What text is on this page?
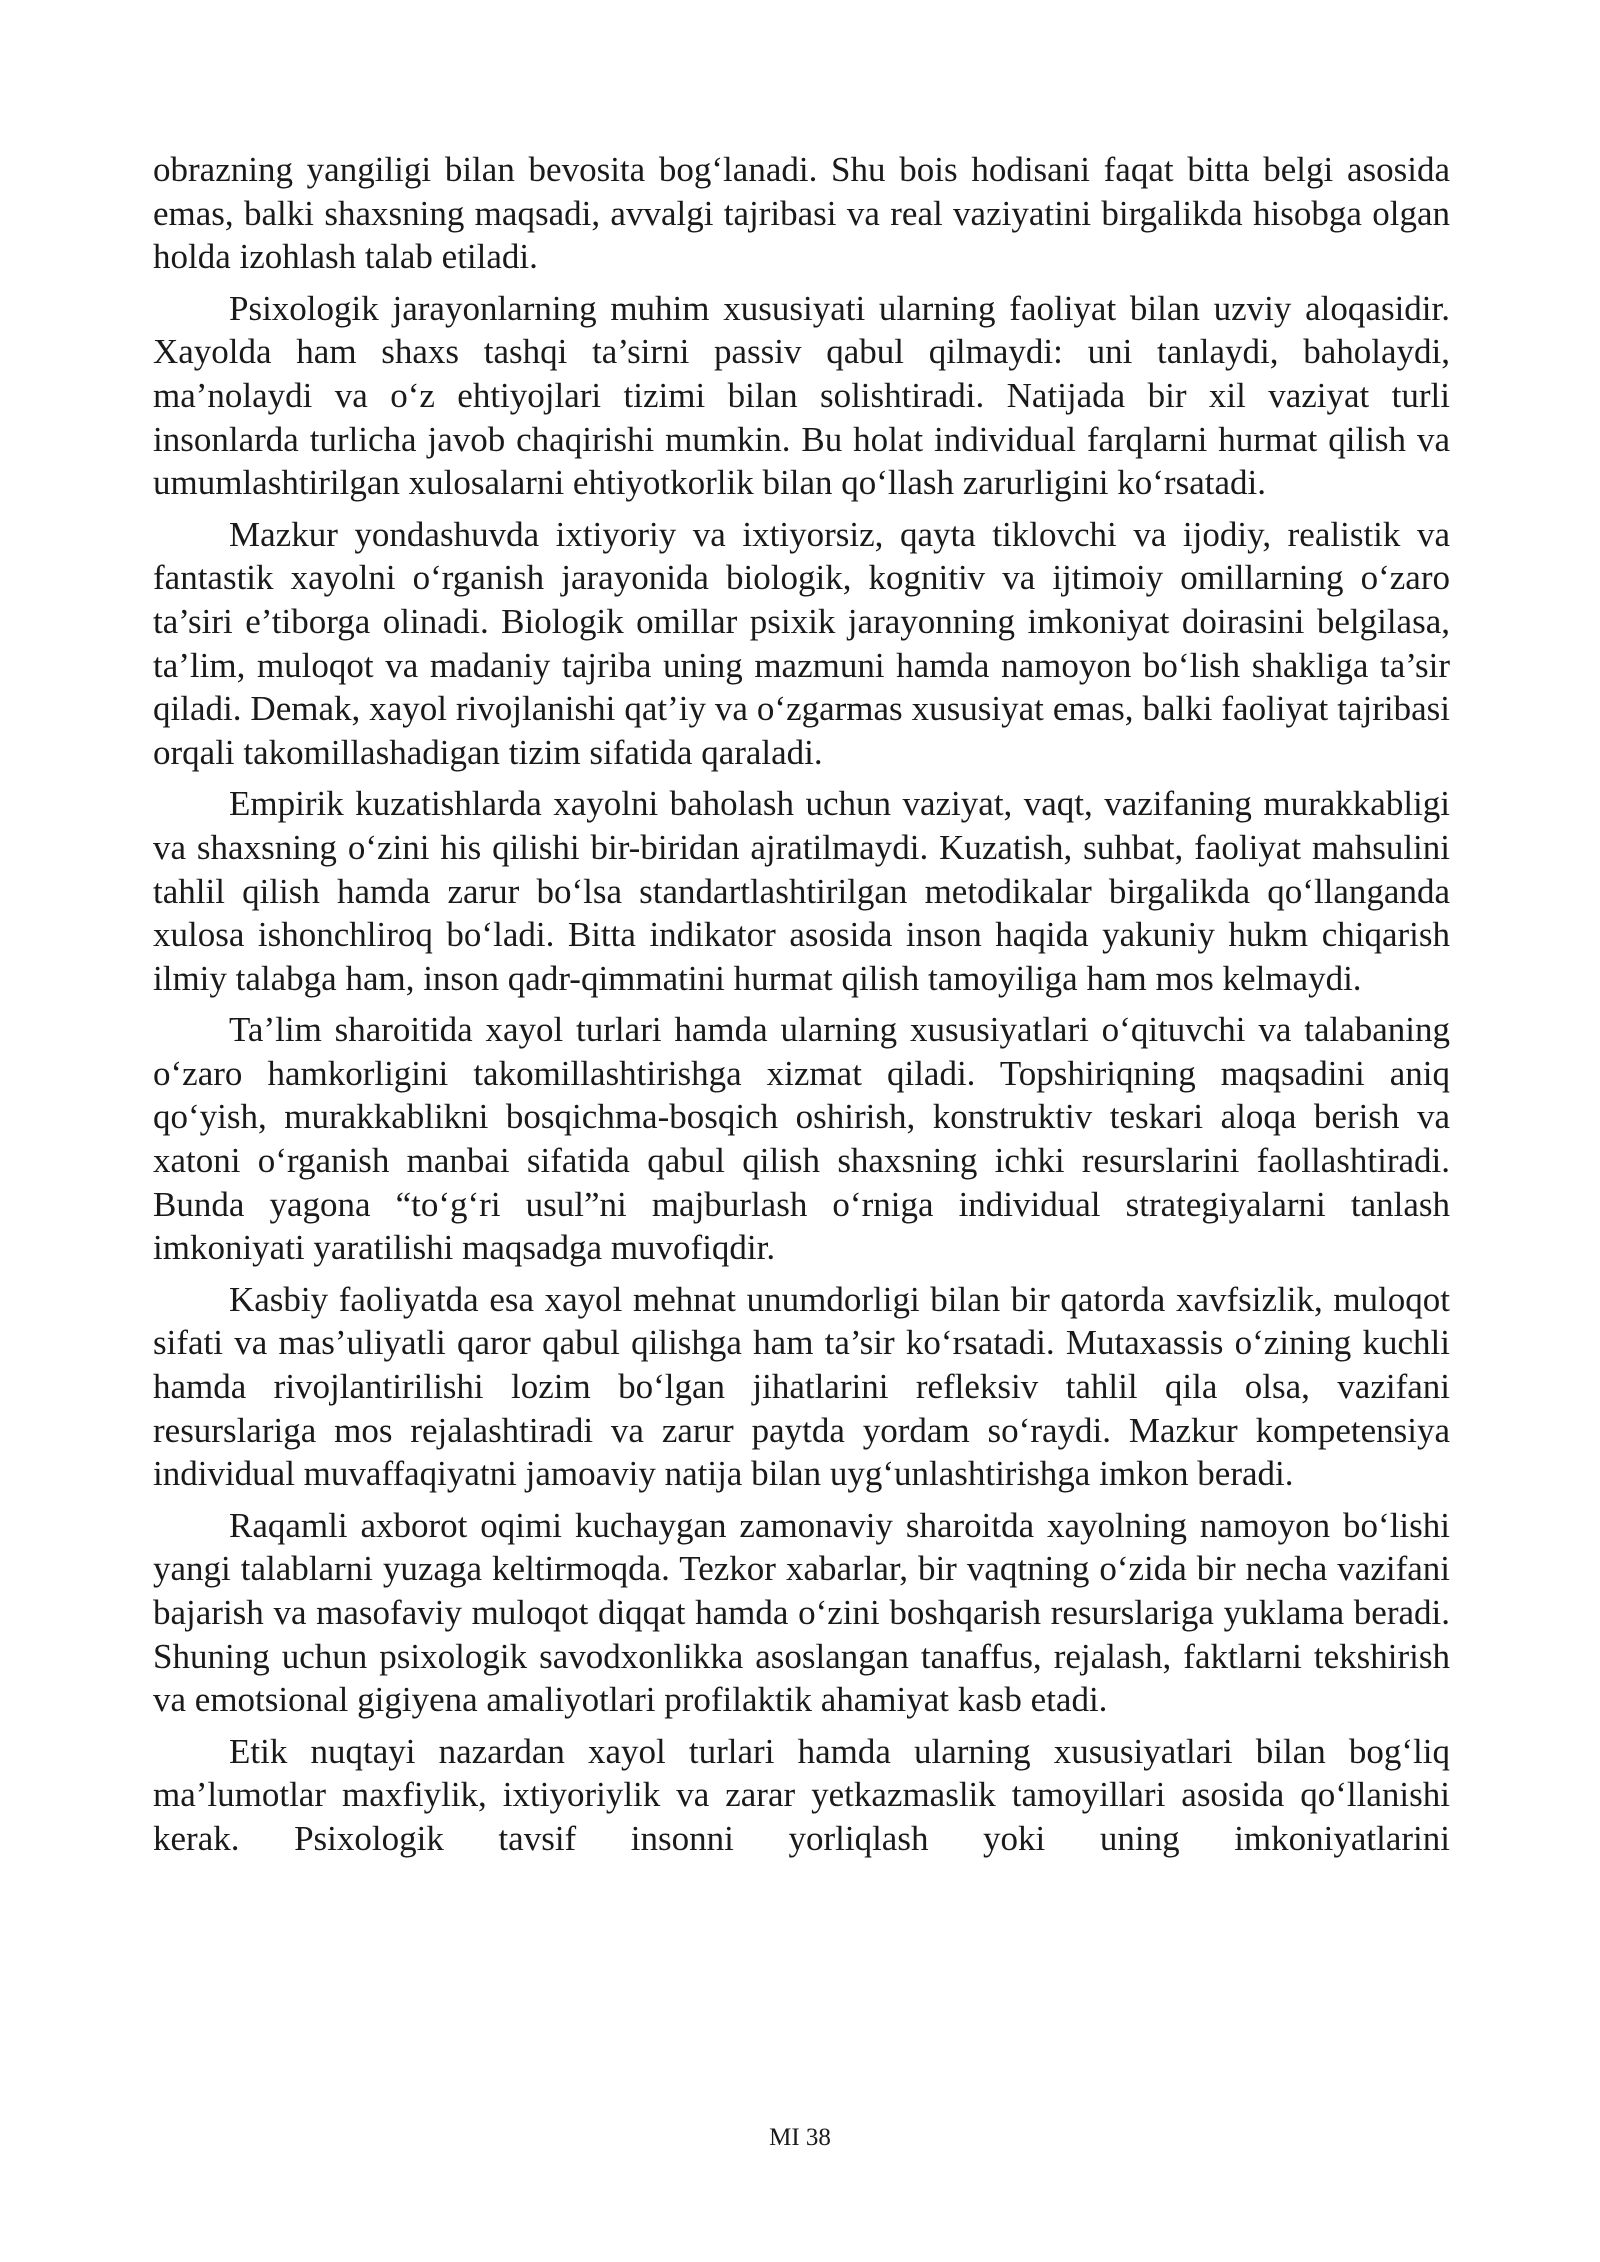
obrazning yangiligi bilan bevosita bog‘lanadi. Shu bois hodisani faqat bitta belgi asosida emas, balki shaxsning maqsadi, avvalgi tajribasi va real vaziyatini birgalikda hisobga olgan holda izohlash talab etiladi.

Psixologik jarayonlarning muhim xususiyati ularning faoliyat bilan uzviy aloqasidir. Xayolda ham shaxs tashqi ta’sirni passiv qabul qilmaydi: uni tanlaydi, baholaydi, ma’nolaydi va o‘z ehtiyojlari tizimi bilan solishtiradi. Natijada bir xil vaziyat turli insonlarda turlicha javob chaqirishi mumkin. Bu holat individual farqlarni hurmat qilish va umumlashtirilgan xulosalarni ehtiyotkorlik bilan qo‘llash zarurligini ko‘rsatadi.

Mazkur yondashuvda ixtiyoriy va ixtiyorsiz, qayta tiklovchi va ijodiy, realistik va fantastik xayolni o‘rganish jarayonida biologik, kognitiv va ijtimoiy omillarning o‘zaro ta’siri e’tiborga olinadi. Biologik omillar psixik jarayonning imkoniyat doirasini belgilasa, ta’lim, muloqot va madaniy tajriba uning mazmuni hamda namoyon bo‘lish shakliga ta’sir qiladi. Demak, xayol rivojlanishi qat’iy va o‘zgarmas xususiyat emas, balki faoliyat tajribasi orqali takomillashadigan tizim sifatida qaraladi.

Empirik kuzatishlarda xayolni baholash uchun vaziyat, vaqt, vazifaning murakkabligi va shaxsning o‘zini his qilishi bir-biridan ajratilmaydi. Kuzatish, suhbat, faoliyat mahsulini tahlil qilish hamda zarur bo‘lsa standartlashtirilgan metodikalar birgalikda qo‘llanganda xulosa ishonchliroq bo‘ladi. Bitta indikator asosida inson haqida yakuniy hukm chiqarish ilmiy talabga ham, inson qadr-qimmatini hurmat qilish tamoyiliga ham mos kelmaydi.

Ta’lim sharoitida xayol turlari hamda ularning xususiyatlari o‘qituvchi va talabaning o‘zaro hamkorligini takomillashtirishga xizmat qiladi. Topshiriqning maqsadini aniq qo‘yish, murakkablikni bosqichma-bosqich oshirish, konstruktiv teskari aloqa berish va xatoni o‘rganish manbai sifatida qabul qilish shaxsning ichki resurslarini faollashtiradi. Bunda yagona “to‘g‘ri usul”ni majburlash o‘rniga individual strategiyalarni tanlash imkoniyati yaratilishi maqsadga muvofiqdir.

Kasbiy faoliyatda esa xayol mehnat unumdorligi bilan bir qatorda xavfsizlik, muloqot sifati va mas’uliyatli qaror qabul qilishga ham ta’sir ko‘rsatadi. Mutaxassis o‘zining kuchli hamda rivojlantirilishi lozim bo‘lgan jihatlarini refleksiv tahlil qila olsa, vazifani resurslariga mos rejalashtiradi va zarur paytda yordam so‘raydi. Mazkur kompetensiya individual muvaffaqiyatni jamoaviy natija bilan uyg‘unlashtirishga imkon beradi.

Raqamli axborot oqimi kuchaygan zamonaviy sharoitda xayolning namoyon bo‘lishi yangi talablarni yuzaga keltirmoqda. Tezkor xabarlar, bir vaqtning o‘zida bir necha vazifani bajarish va masofaviy muloqot diqqat hamda o‘zini boshqarish resurslariga yuklama beradi. Shuning uchun psixologik savodxonlikka asoslangan tanaffus, rejalash, faktlarni tekshirish va emotsional gigiyena amaliyotlari profilaktik ahamiyat kasb etadi.

Etik nuqtayi nazardan xayol turlari hamda ularning xususiyatlari bilan bog‘liq ma’lumotlar maxfiylik, ixtiyoriylik va zarar yetkazmaslik tamoyillari asosida qo‘llanishi kerak. Psixologik tavsif insonni yorliqlash yoki uning imkoniyatlarini

MI 38
